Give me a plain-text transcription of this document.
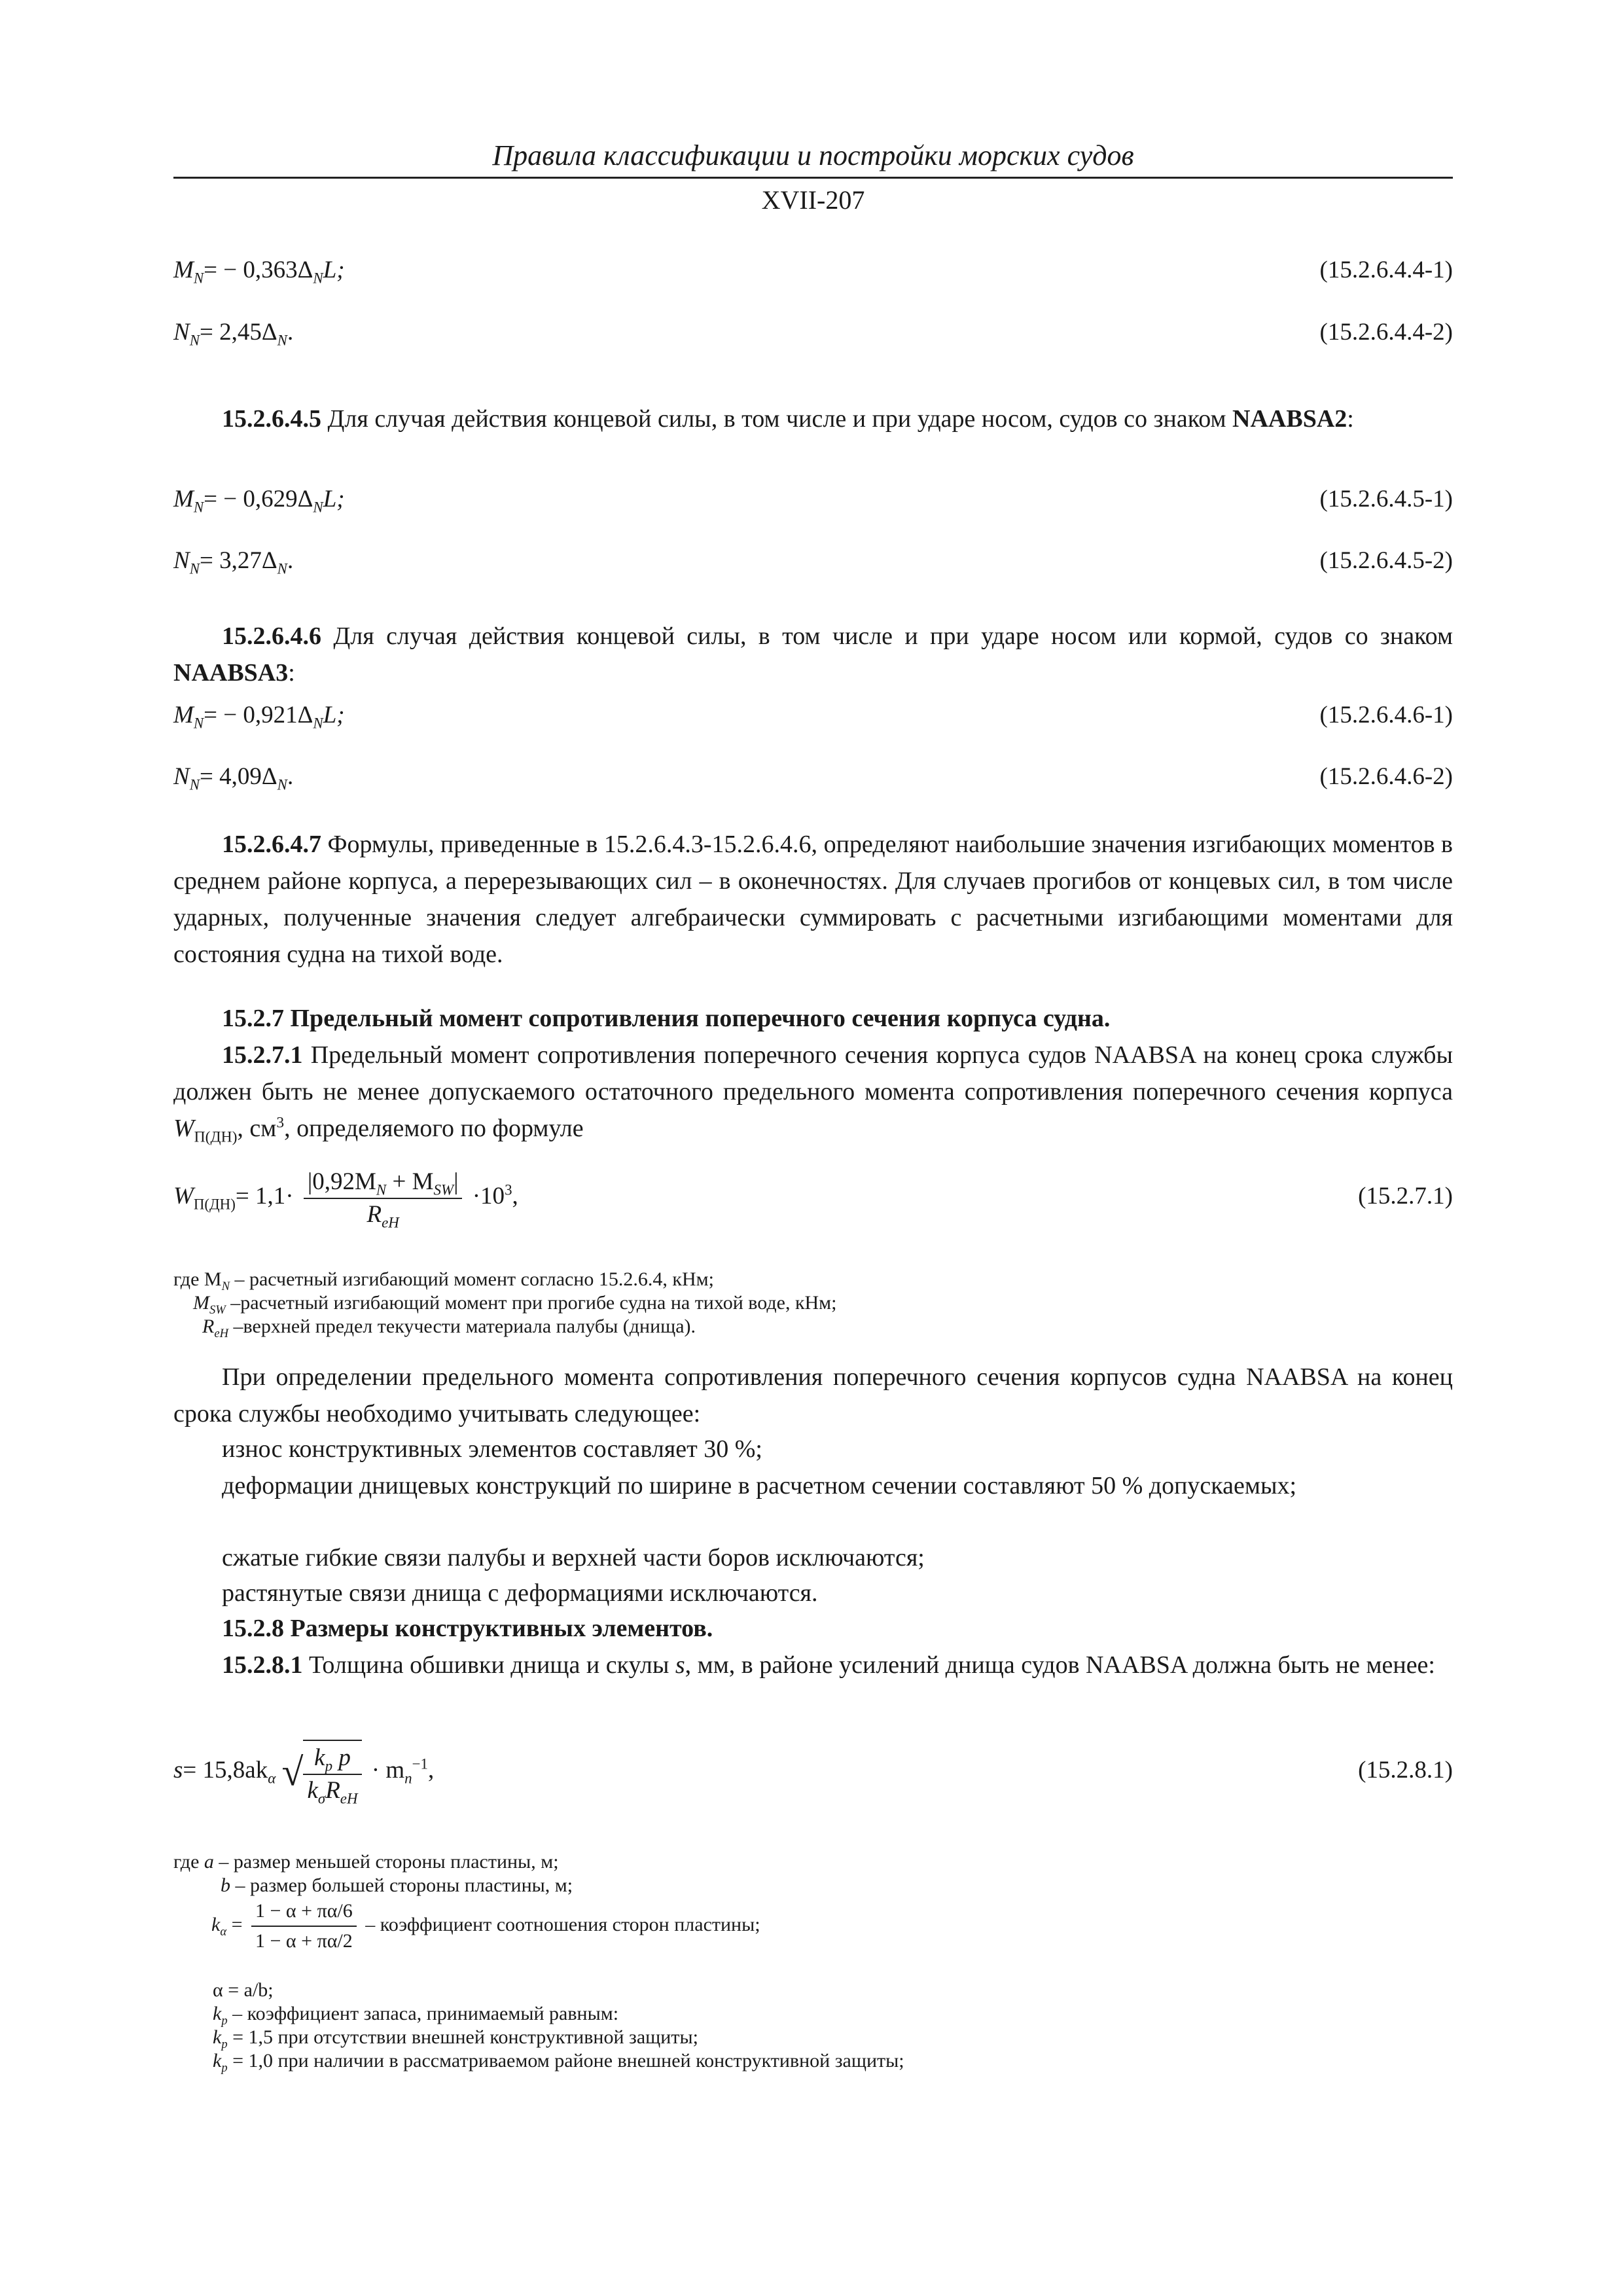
Правила классификации и постройки морских судов
XVII-207
$M_N= - 0,363\Delta_NL$;	(15.2.6.4.4-1)
$N_N= 2,45\Delta_N$.	(15.2.6.4.4-2)
15.2.6.4.5 Для случая действия концевой силы, в том числе и при ударе носом, судов со знаком NAABSA2:
$M_N= - 0,629\Delta_NL$;	(15.2.6.4.5-1)
$N_N= 3,27\Delta_N$.	(15.2.6.4.5-2)
15.2.6.4.6 Для случая действия концевой силы, в том числе и при ударе носом или кормой, судов со знаком NAABSA3:
$M_N= - 0,921\Delta_NL$;	(15.2.6.4.6-1)
$N_N= 4,09\Delta_N$.	(15.2.6.4.6-2)
15.2.6.4.7 Формулы, приведенные в 15.2.6.4.3-15.2.6.4.6, определяют наибольшие значения изгибающих моментов в среднем районе корпуса, а перерезывающих сил – в оконечностях. Для случаев прогибов от концевых сил, в том числе ударных, полученные значения следует алгебраически суммировать с расчетными изгибающими моментами для состояния судна на тихой воде.
15.2.7 Предельный момент сопротивления поперечного сечения корпуса судна.
15.2.7.1 Предельный момент сопротивления поперечного сечения корпуса судов NAABSA на конец срока службы должен быть не менее допускаемого остаточного предельного момента сопротивления поперечного сечения корпуса $W_{П(ДН)}$, $см^3$, определяемого по формуле
$W_{П(ДН)}= 1,1\cdot \frac{|0,92M_N + M_{SW}|}{R_{eH}} \cdot 10^3$,	(15.2.7.1)
где $M_N$ – расчетный изгибающий момент согласно 15.2.6.4, кНм;
$M_{SW}$ –расчетный изгибающий момент при прогибе судна на тихой воде, кНм;
$R_{eH}$ –верхней предел текучести материала палубы (днища).
При определении предельного момента сопротивления поперечного сечения корпусов судна NAABSA на конец срока службы необходимо учитывать следующее:
износ конструктивных элементов составляет 30 %;
деформации днищевых конструкций по ширине в расчетном сечении составляют 50 % допускаемых;
сжатые гибкие связи палубы и верхней части боров исключаются;
растянутые связи днища с деформациями исключаются.
15.2.8 Размеры конструктивных элементов.
15.2.8.1 Толщина обшивки днища и скулы s, мм, в районе усилений днища судов NAABSA должна быть не менее:
$s= 15,8ak_\alpha$ √ $\frac{k_p p}{k_\sigma R_{eH}} \cdot m_n^{-1}$,	(15.2.8.1)
где a – размер меньшей стороны пластины, м;
b – размер большей стороны пластины, м;
$k_\alpha = \frac{1 - \alpha + \pi\alpha/6}{1 - \alpha + \pi\alpha/2}$ – коэффициент соотношения сторон пластины;
α = a/b;
$k_p$ – коэффициент запаса, принимаемый равным:
$k_p = 1,5$ при отсутствии внешней конструктивной защиты;
$k_p = 1,0$ при наличии в рассматриваемом районе внешней конструктивной защиты;
